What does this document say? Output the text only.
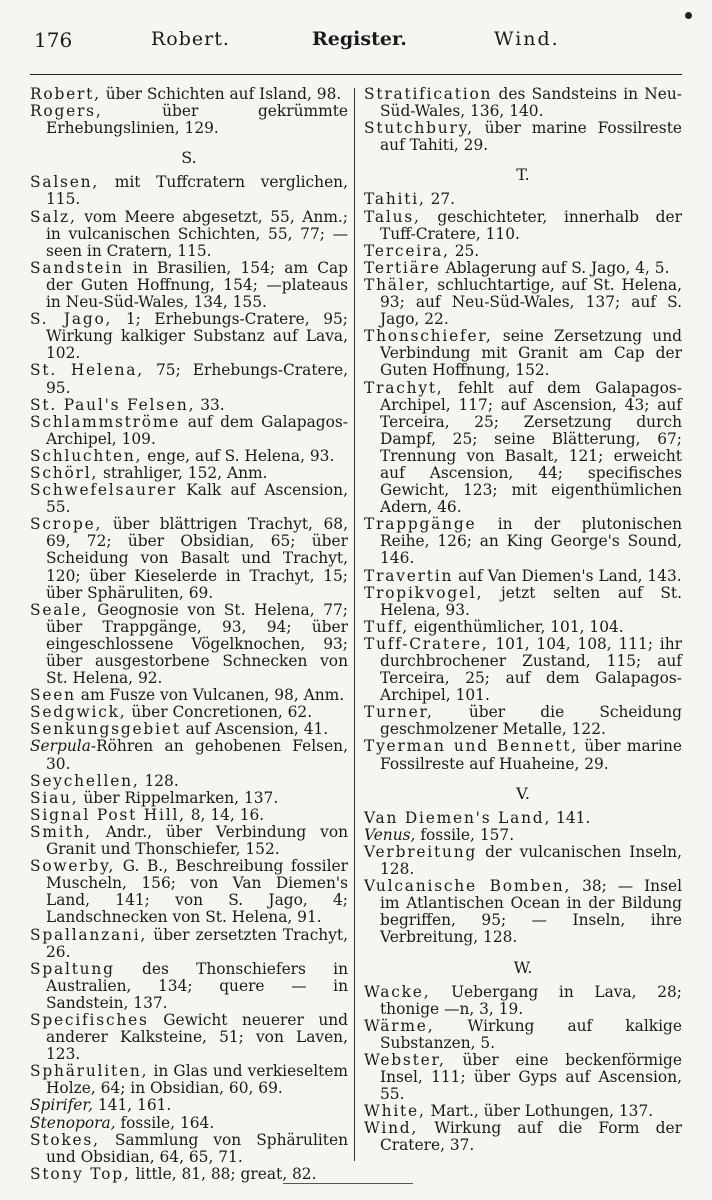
176	Robert.	Register.	Wind.

Robert, über Schichten auf Island, 98.

Rogers, über gekrümmte Erhebungslinien, 129.

S.

Salsen, mit Tuffcratern verglichen, 115.

Salz, vom Meere abgesetzt, 55, Anm.; in vulcanischen Schichten, 55, 77; —seen in Cratern, 115.

Sandstein in Brasilien, 154; am Cap der Guten Hoffnung, 154; —plateaus in Neu-Süd-Wales, 134, 155.

S. Jago, 1; Erhebungs-Cratere, 95; Wirkung kalkiger Substanz auf Lava, 102.

St. Helena, 75; Erhebungs-Cratere, 95.

St. Paul's Felsen, 33.

Schlammströme auf dem Galapagos-Archipel, 109.

Schluchten, enge, auf S. Helena, 93.

Schörl, strahliger, 152, Anm.

Schwefelsaurer Kalk auf Ascension, 55.

Scrope, über blättrigen Trachyt, 68, 69, 72; über Obsidian, 65; über Scheidung von Basalt und Trachyt, 120; über Kieselerde in Trachyt, 15; über Sphäruliten, 69.

Seale, Geognosie von St. Helena, 77; über Trappgänge, 93, 94; über eingeschlossene Vögelknochen, 93; über ausgestorbene Schnecken von St. Helena, 92.

Seen am Fusze von Vulcanen, 98, Anm.

Sedgwick, über Concretionen, 62.

Senkungsgebiet auf Ascension, 41.

Serpula-Röhren an gehobenen Felsen, 30.

Seychellen, 128.

Siau, über Rippelmarken, 137.

Signal Post Hill, 8, 14, 16.

Smith, Andr., über Verbindung von Granit und Thonschiefer, 152.

Sowerby, G. B., Beschreibung fossiler Muscheln, 156; von Van Diemen's Land, 141; von S. Jago, 4; Landschnecken von St. Helena, 91.

Spallanzani, über zersetzten Trachyt, 26.

Spaltung des Thonschiefers in Australien, 134; quere — in Sandstein, 137.

Specifisches Gewicht neuerer und anderer Kalksteine, 51; von Laven, 123.

Sphäruliten, in Glas und verkieseltem Holze, 64; in Obsidian, 60, 69.

Spirifer, 141, 161.

Stenopora, fossile, 164.

Stokes, Sammlung von Sphäruliten und Obsidian, 64, 65, 71.

Stony Top, little, 81, 88; great, 82.

Stratification des Sandsteins in Neu-Süd-Wales, 136, 140.

Stutchbury, über marine Fossilreste auf Tahiti, 29.

T.

Tahiti, 27.

Talus, geschichteter, innerhalb der Tuff-Cratere, 110.

Terceira, 25.

Tertiäre Ablagerung auf S. Jago, 4, 5.

Thäler, schluchtartige, auf St. Helena, 93; auf Neu-Süd-Wales, 137; auf S. Jago, 22.

Thonschiefer, seine Zersetzung und Verbindung mit Granit am Cap der Guten Hoffnung, 152.

Trachyt, fehlt auf dem Galapagos-Archipel, 117; auf Ascension, 43; auf Terceira, 25; Zersetzung durch Dampf, 25; seine Blätterung, 67; Trennung von Basalt, 121; erweicht auf Ascension, 44; specifisches Gewicht, 123; mit eigenthümlichen Adern, 46.

Trappgänge in der plutonischen Reihe, 126; an King George's Sound, 146.

Travertin auf Van Diemen's Land, 143.

Tropikvogel, jetzt selten auf St. Helena, 93.

Tuff, eigenthümlicher, 101, 104.

Tuff-Cratere, 101, 104, 108, 111; ihr durchbrochener Zustand, 115; auf Terceira, 25; auf dem Galapagos-Archipel, 101.

Turner, über die Scheidung geschmolzener Metalle, 122.

Tyerman und Bennett, über marine Fossilreste auf Huaheine, 29.

V.

Van Diemen's Land, 141.

Venus, fossile, 157.

Verbreitung der vulcanischen Inseln, 128.

Vulcanische Bomben, 38; — Insel im Atlantischen Ocean in der Bildung begriffen, 95; — Inseln, ihre Verbreitung, 128.

W.

Wacke, Uebergang in Lava, 28; thonige —n, 3, 19.

Wärme, Wirkung auf kalkige Substanzen, 5.

Webster, über eine beckenförmige Insel, 111; über Gyps auf Ascension, 55.

White, Mart., über Lothungen, 137.

Wind, Wirkung auf die Form der Cratere, 37.
